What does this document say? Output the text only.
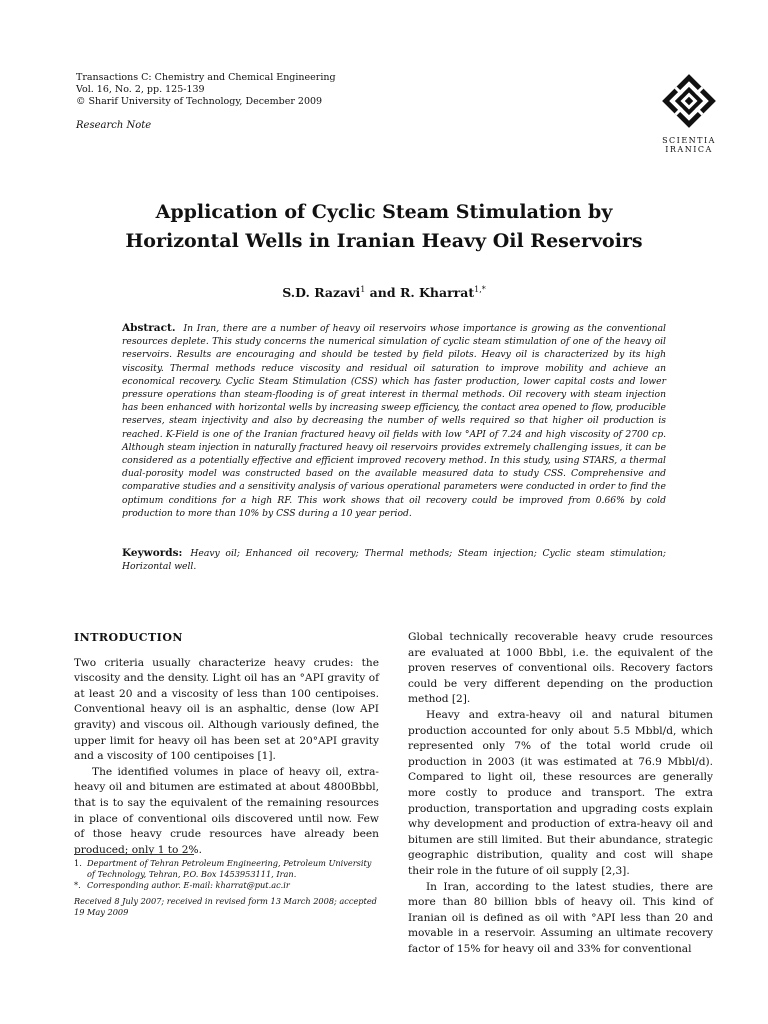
Transactions C: Chemistry and Chemical Engineering
Vol. 16, No. 2, pp. 125-139
© Sharif University of Technology, December 2009
Research Note
SCIENTIA
IRANICA
Application of Cyclic Steam Stimulation by
Horizontal Wells in Iranian Heavy Oil Reservoirs
S.D. Razavi$^1$ and R. Kharrat$^{1,*}$
Abstract. In Iran, there are a number of heavy oil reservoirs whose importance is growing as the conventional resources deplete. This study concerns the numerical simulation of cyclic steam stimulation of one of the heavy oil reservoirs. Results are encouraging and should be tested by field pilots. Heavy oil is characterized by its high viscosity. Thermal methods reduce viscosity and residual oil saturation to improve mobility and achieve an economical recovery. Cyclic Steam Stimulation (CSS) which has faster production, lower capital costs and lower pressure operations than steam-flooding is of great interest in thermal methods. Oil recovery with steam injection has been enhanced with horizontal wells by increasing sweep efficiency, the contact area opened to flow, producible reserves, steam injectivity and also by decreasing the number of wells required so that higher oil production is reached. K-Field is one of the Iranian fractured heavy oil fields with low °API of 7.24 and high viscosity of 2700 cp. Although steam injection in naturally fractured heavy oil reservoirs provides extremely challenging issues, it can be considered as a potentially effective and efficient improved recovery method. In this study, using STARS, a thermal dual-porosity model was constructed based on the available measured data to study CSS. Comprehensive and comparative studies and a sensitivity analysis of various operational parameters were conducted in order to find the optimum conditions for a high RF. This work shows that oil recovery could be improved from 0.66% by cold production to more than 10% by CSS during a 10 year period.
Keywords: Heavy oil; Enhanced oil recovery; Thermal methods; Steam injection; Cyclic steam stimulation; Horizontal well.
INTRODUCTION

Two criteria usually characterize heavy crudes: the viscosity and the density. Light oil has an °API gravity of at least 20 and a viscosity of less than 100 centipoises. Conventional heavy oil is an asphaltic, dense (low API gravity) and viscous oil. Although variously defined, the upper limit for heavy oil has been set at 20°API gravity and a viscosity of 100 centipoises [1].

The identified volumes in place of heavy oil, extra-heavy oil and bitumen are estimated at about 4800Bbbl, that is to say the equivalent of the remaining resources in place of conventional oils discovered until now. Few of those heavy crude resources have already been produced; only 1 to 2%.

1. Department of Tehran Petroleum Engineering, Petroleum University of Technology, Tehran, P.O. Box 1453953111, Iran.
*. Corresponding author. E-mail: kharrat@put.ac.ir
Received 8 July 2007; received in revised form 13 March 2008; accepted 19 May 2009

Global technically recoverable heavy crude resources are evaluated at 1000 Bbbl, i.e. the equivalent of the proven reserves of conventional oils. Recovery factors could be very different depending on the production method [2].

Heavy and extra-heavy oil and natural bitumen production accounted for only about 5.5 Mbbl/d, which represented only 7% of the total world crude oil production in 2003 (it was estimated at 76.9 Mbbl/d). Compared to light oil, these resources are generally more costly to produce and transport. The extra production, transportation and upgrading costs explain why development and production of extra-heavy oil and bitumen are still limited. But their abundance, strategic geographic distribution, quality and cost will shape their role in the future of oil supply [2,3].

In Iran, according to the latest studies, there are more than 80 billion bbls of heavy oil. This kind of Iranian oil is defined as oil with °API less than 20 and movable in a reservoir. Assuming an ultimate recovery factor of 15% for heavy oil and 33% for conventional
